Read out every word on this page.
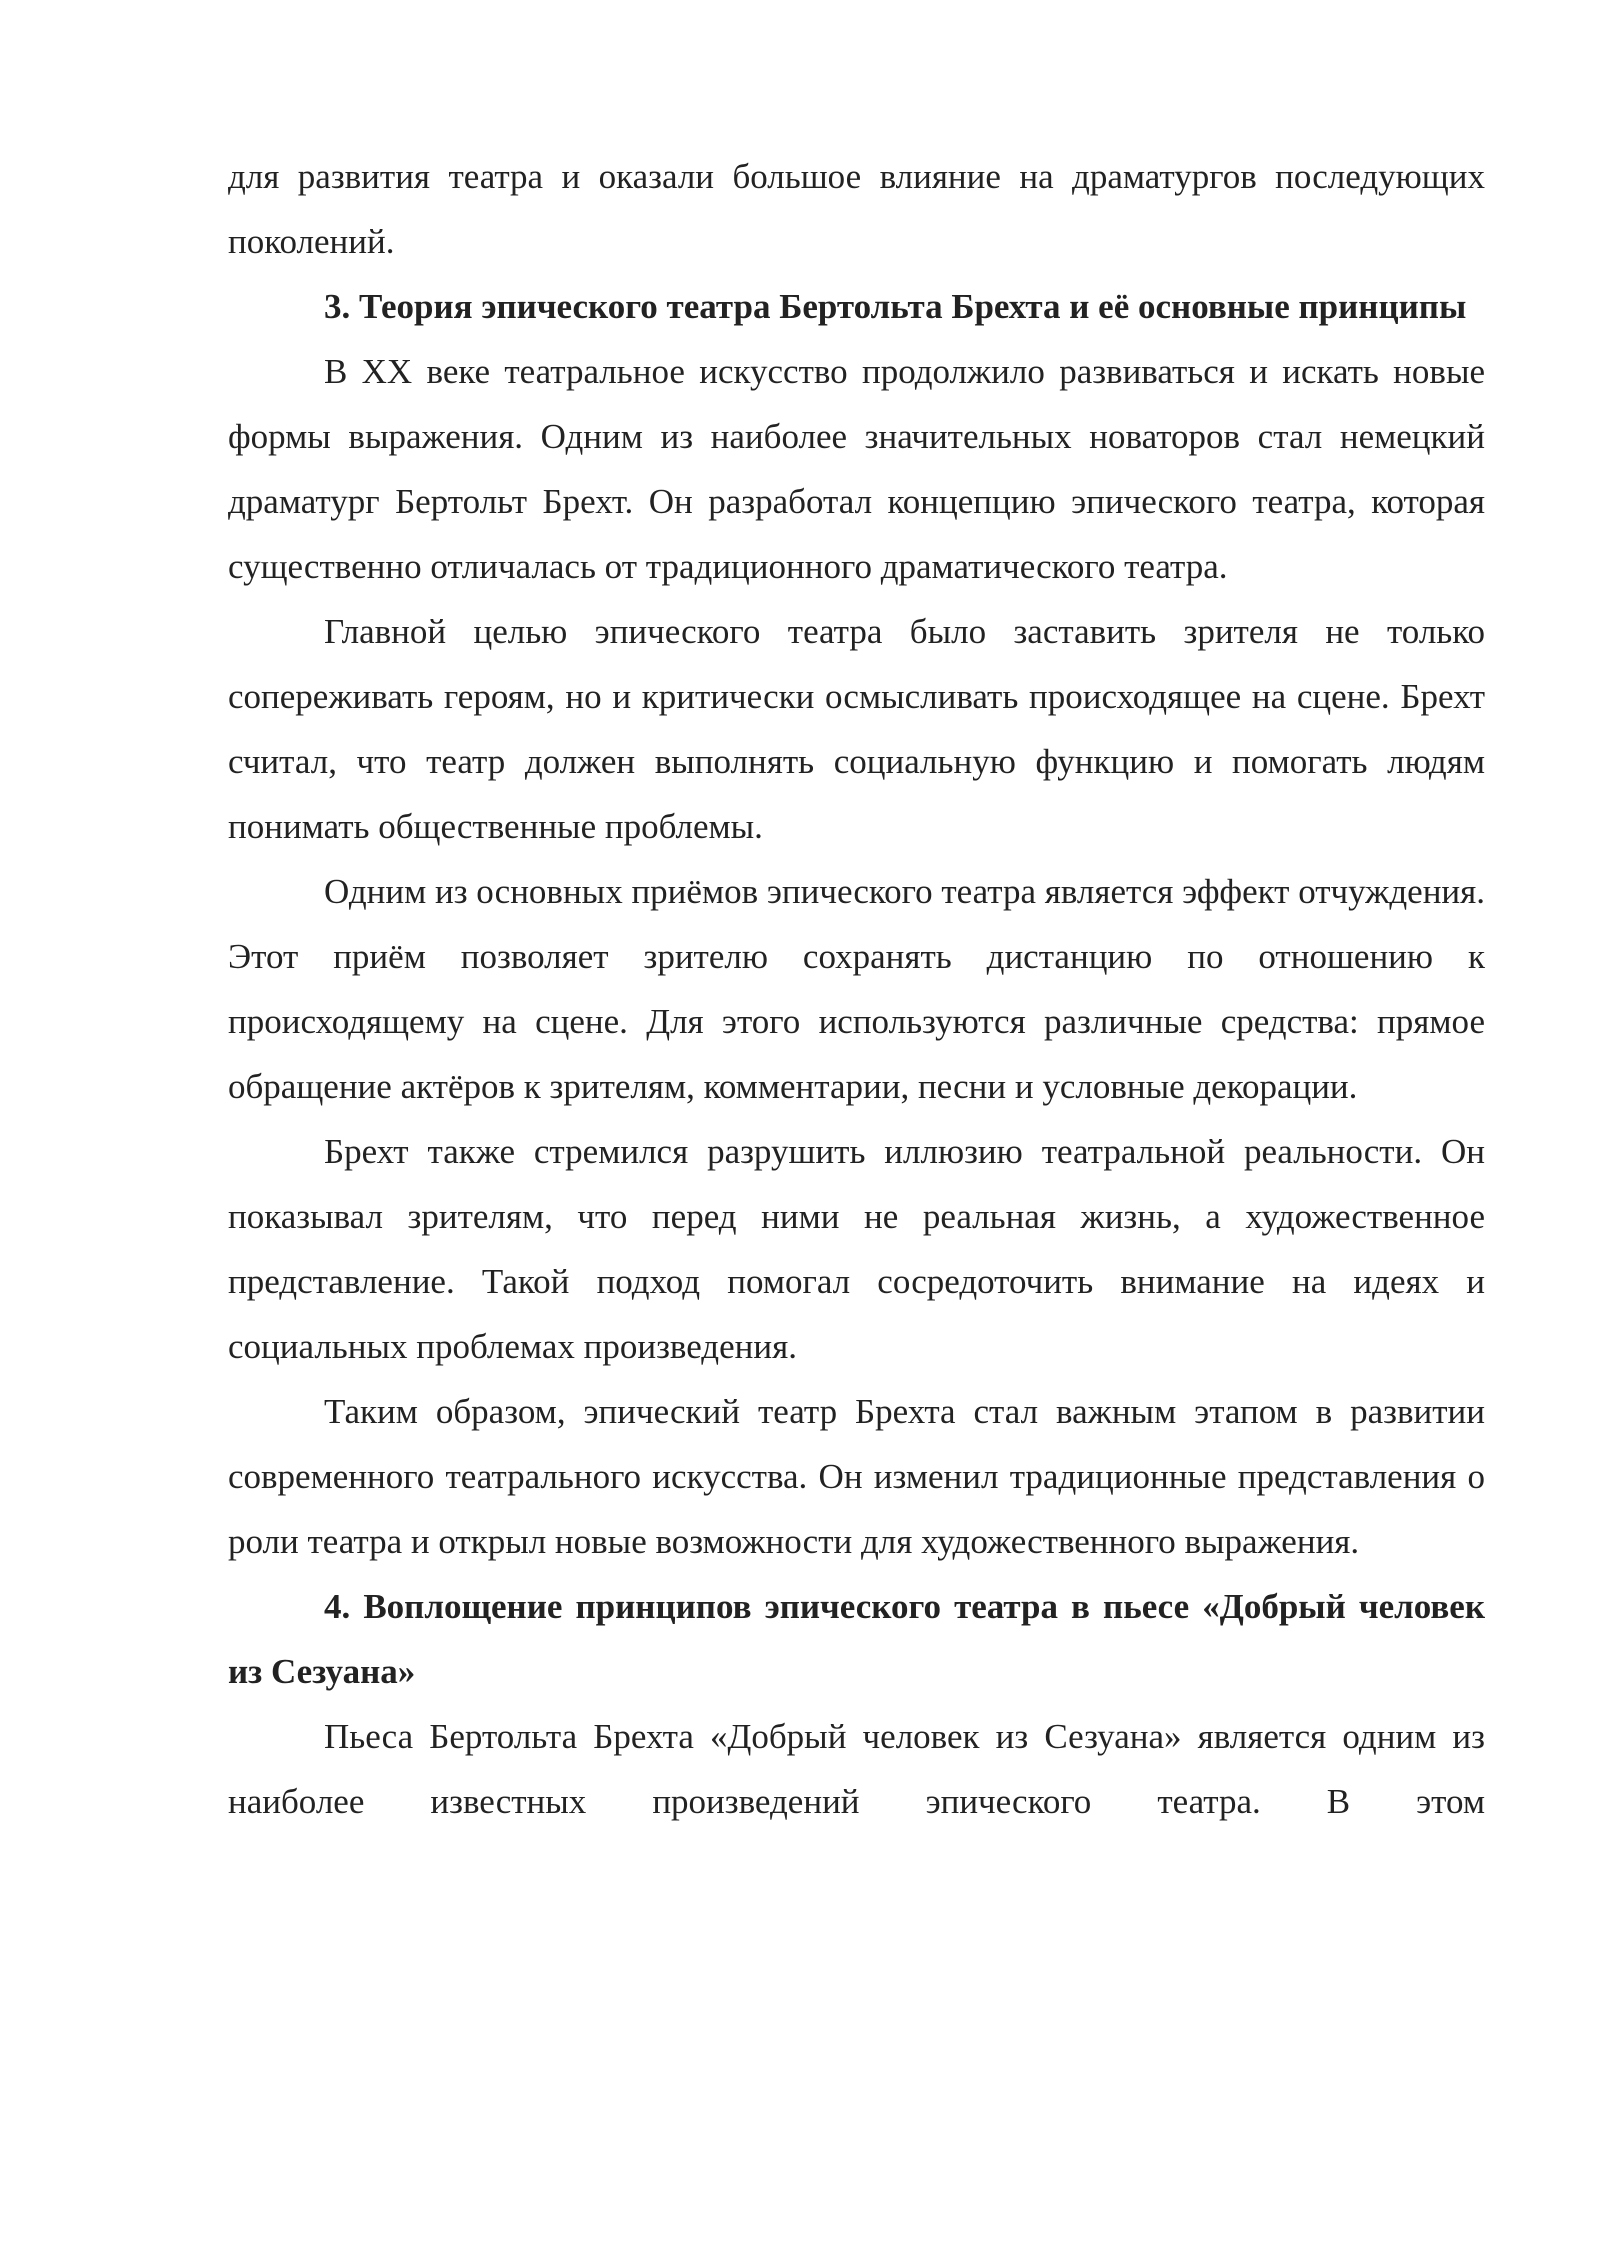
для развития театра и оказали большое влияние на драматургов последующих поколений.

3. Теория эпического театра Бертольта Брехта и её основные принципы

В XX веке театральное искусство продолжило развиваться и искать новые формы выражения. Одним из наиболее значительных новаторов стал немецкий драматург Бертольт Брехт. Он разработал концепцию эпического театра, которая существенно отличалась от традиционного драматического театра.

Главной целью эпического театра было заставить зрителя не только сопереживать героям, но и критически осмысливать происходящее на сцене. Брехт считал, что театр должен выполнять социальную функцию и помогать людям понимать общественные проблемы.

Одним из основных приёмов эпического театра является эффект отчуждения. Этот приём позволяет зрителю сохранять дистанцию по отношению к происходящему на сцене. Для этого используются различные средства: прямое обращение актёров к зрителям, комментарии, песни и условные декорации.

Брехт также стремился разрушить иллюзию театральной реальности. Он показывал зрителям, что перед ними не реальная жизнь, а художественное представление. Такой подход помогал сосредоточить внимание на идеях и социальных проблемах произведения.

Таким образом, эпический театр Брехта стал важным этапом в развитии современного театрального искусства. Он изменил традиционные представления о роли театра и открыл новые возможности для художественного выражения.

4. Воплощение принципов эпического театра в пьесе «Добрый человек из Сезуана»

Пьеса Бертольта Брехта «Добрый человек из Сезуана» является одним из наиболее известных произведений эпического театра. В этом
